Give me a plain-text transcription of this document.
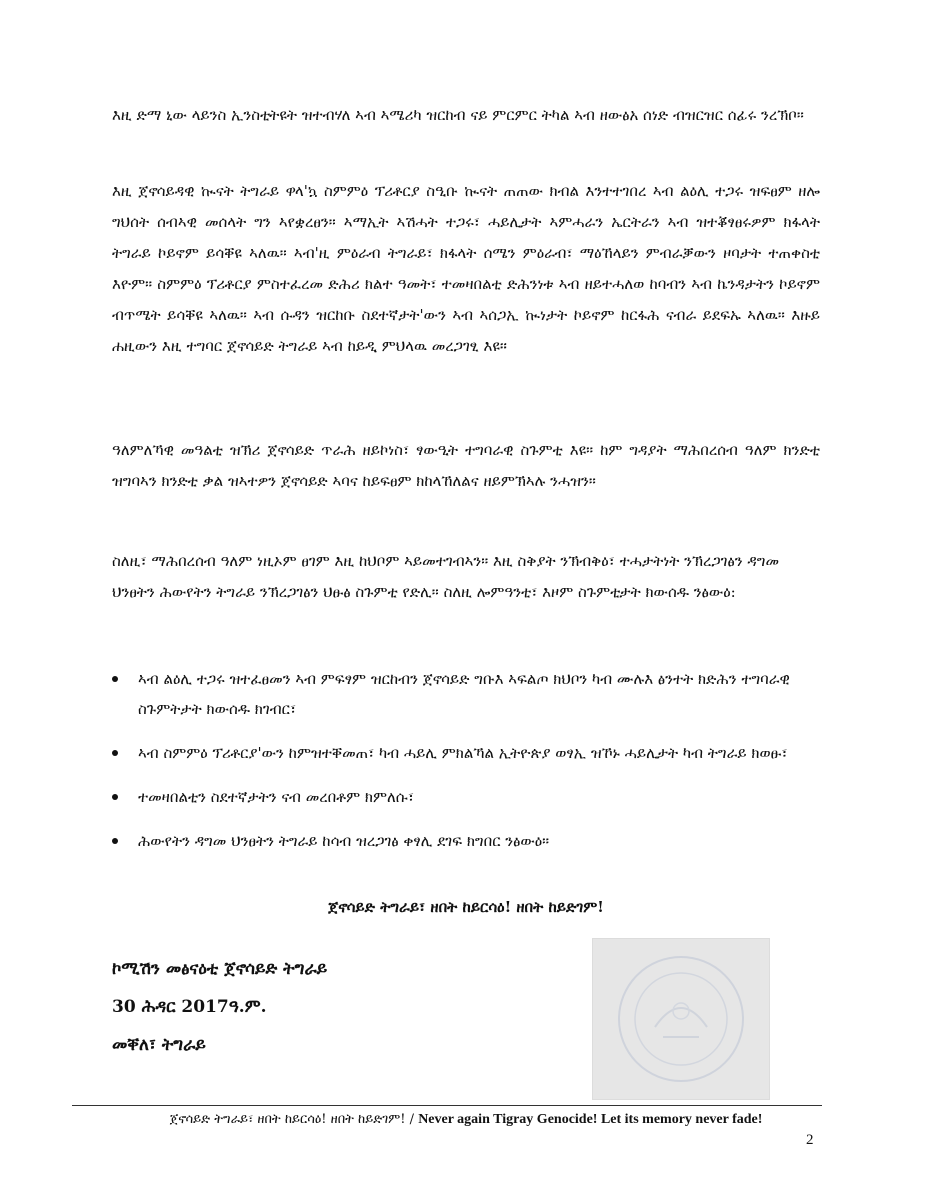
እዚ ድማ ኒው ላይንስ ኢንስቲትዩት ዝተብሃለ ኣብ ኣሜሪካ ዝርከብ ናይ ምርምር ትካል ኣብ ዘውፅአ ሰነድ ብዝርዝር ሰፊሩ ንረኽቦ።
እዚ ጀኖሳይዳዊ ኲናት ትግራይ ዋላ'ኳ ስምምዕ ፕሪቶርያ ስዒቡ ኲናት ጠጠው ክብል እንተተገበረ ኣብ ልዕሊ ተጋሩ ዝፍፀም ዘሎ ግህሰት ሰብኣዊ መሰላት ግን ኣየቋረፀን። ኣማኢት ኣሽሓት ተጋሩ፣ ሓይሊታት ኣምሓራን ኤርትራን ኣብ ዝተቖፃፀሩዎም ክፋላት ትግራይ ኮይኖም ይሳቐዩ ኣለዉ። ኣብ'ዚ ምዕራብ ትግራይ፣ ክፋላት ሰሜን ምዕራብ፣ ማዕኸላይን ምብራቓውን ዞባታት ተጠቀስቲ እዮም። ስምምዕ ፕሪቶርያ ምስተፈረመ ድሕሪ ክልተ ዓመት፣ ተመዛበልቲ ድሕንነቱ ኣብ ዘይተሓለወ ከባብን ኣብ ኬንዳታትን ኮይኖም ብጥሜት ይሳቐዩ ኣለዉ። ኣብ ሱዳን ዝርከቡ ስደተኛታት'ውን ኣብ ኣሰጋኢ ኲነታት ኮይኖም ከርፋሕ ናብራ ይደፍኡ ኣለዉ። እዙይ ሐዚውን እዚ ተግባር ጀኖሳይድ ትግራይ ኣብ ከይዲ ምህላዉ መረጋገፂ እዩ፡፡
ዓለምለኻዊ መዓልቲ ዝኽሪ ጀኖሳይድ ጥራሕ ዘይኮነስ፣ ፃውዒት ተግባራዊ ስጉምቲ እዩ። ከም ግዳያት ማሕበረሰብ ዓለም ክንድቲ ዝግባኣን ክንድቲ ቃል ዝኣተዎን ጀኖሳይድ ኣባና ከይፍፀም ክከላኸለልና ዘይምኽኣሉ ንሓዝን።
ስለዚ፣ ማሕበረሰብ ዓለም ነዚኦም ፀገም እዚ ከህቦም ኣይመተገብኣን። እዚ ስቅያት ንኽብቅዕ፣ ተሓታትነት ንኽረጋገፅን ዳግመ ህንፀትን ሕውየትን ትግራይ ንኽረጋገፅን ህፁፅ ስጉምቲ የድሊ። ስለዚ ሎምዓንቲ፣ እዞም ስጉምቲታት ክውሰዱ ንፅውዕ:
ኣብ ልዕሊ ተጋሩ ዝተፈፀመን ኣብ ምፍፃም ዝርከብን ጀኖሳይድ ግቡእ ኣፍልጦ ክህቦን ካብ ሙሉእ ፅንተት ክድሕን ተግባራዊ ስጉምትታት ክውሰዱ ክገብር፣
ኣብ ስምምዕ ፕሪቶርያ'ውን ከምዝተቐመጠ፣ ካብ ሓይሊ ምክልኻል ኢትዮጵያ ወፃኢ ዝኾኑ ሓይሊታት ካብ ትግራይ ክወፁ፣
ተመዛበልቲን ስደተኛታትን ናብ መረበቶም ክምለሱ፣
ሕውየትን ዳግመ ህንፀትን ትግራይ ከሳብ ዝረጋገፅ ቀፃሊ ደገፍ ክግበር ንፅውዕ።
ጀኖሳይድ ትግራይ፣ ዘበት ከይርሳዕ! ዘበት ከይድገም!
ኮሚሽን መፅናዕቲ ጀኖሳይድ ትግራይ
30 ሕዳር 2017ዓ.ም.
መቐለ፣ ትግራይ
ጀኖሳይድ ትግራይ፣ ዘበት ከይርሳዕ! ዘበት ከይድገም! / Never again Tigray Genocide! Let its memory never fade!
2
